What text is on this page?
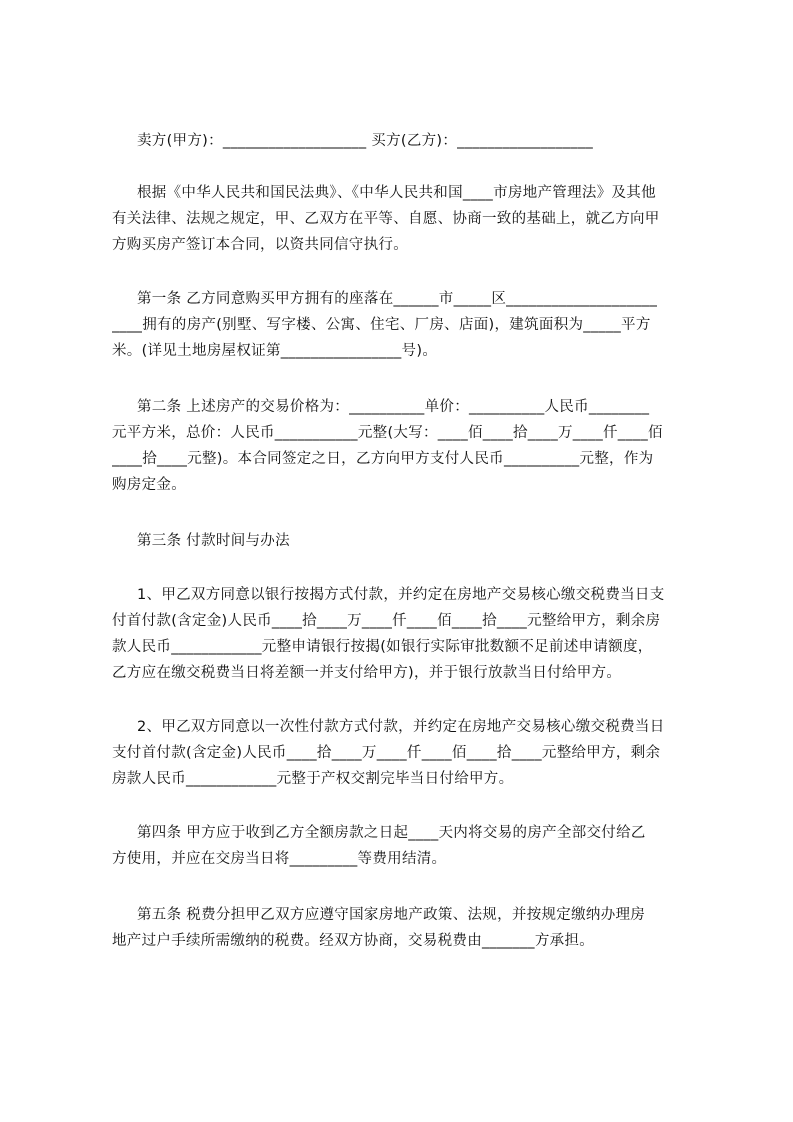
卖方(甲方)：___________________ 买方(乙方)：__________________

根据《中华人民共和国民法典》、《中华人民共和国____市房地产管理法》及其他
有关法律、法规之规定，甲、乙双方在平等、自愿、协商一致的基础上，就乙方向甲
方购买房产签订本合同，以资共同信守执行。

第一条 乙方同意购买甲方拥有的座落在______市_____区____________________
____拥有的房产(别墅、写字楼、公寓、住宅、厂房、店面)，建筑面积为_____平方
米。(详见土地房屋权证第________________号)。

第二条 上述房产的交易价格为：__________单价：__________人民币________
元平方米，总价：人民币___________元整(大写：____佰____拾____万____仟____佰
____拾____元整)。本合同签定之日，乙方向甲方支付人民币__________元整，作为
购房定金。

第三条 付款时间与办法

1、甲乙双方同意以银行按揭方式付款，并约定在房地产交易核心缴交税费当日支
付首付款(含定金)人民币____拾____万____仟____佰____拾____元整给甲方，剩余房
款人民币____________元整申请银行按揭(如银行实际审批数额不足前述申请额度，
乙方应在缴交税费当日将差额一并支付给甲方)，并于银行放款当日付给甲方。

2、甲乙双方同意以一次性付款方式付款，并约定在房地产交易核心缴交税费当日
支付首付款(含定金)人民币____拾____万____仟____佰____拾____元整给甲方，剩余
房款人民币____________元整于产权交割完毕当日付给甲方。

第四条 甲方应于收到乙方全额房款之日起____天内将交易的房产全部交付给乙
方使用，并应在交房当日将_________等费用结清。

第五条 税费分担甲乙双方应遵守国家房地产政策、法规，并按规定缴纳办理房
地产过户手续所需缴纳的税费。经双方协商，交易税费由_______方承担。
